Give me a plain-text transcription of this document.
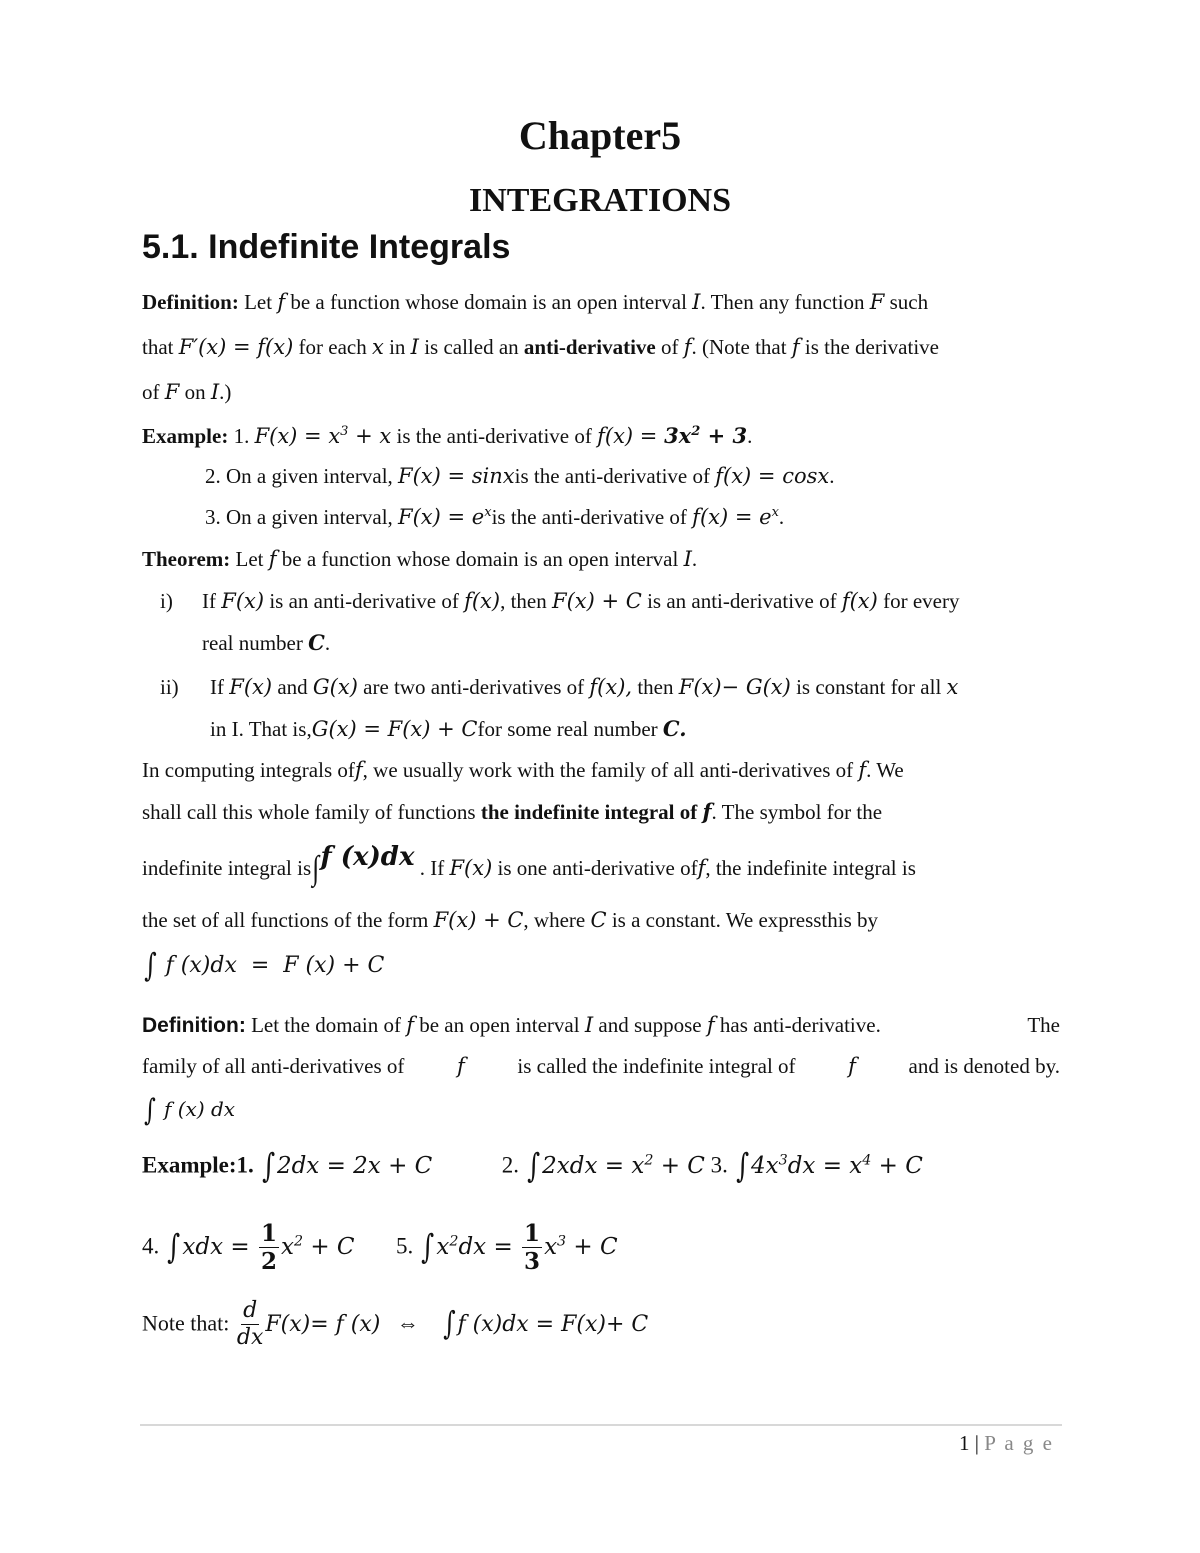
Chapter5
INTEGRATIONS
5.1. Indefinite Integrals
Definition: Let f be a function whose domain is an open interval I. Then any function F such
that F′(x) = f(x) for each x in I is called an anti-derivative of f. (Note that f is the derivative
of F on I.)
Example: 1. $F(x) = x^3 + x$ is the anti-derivative of $f(x) = 3x^2 + 3$.
2. On a given interval, F(x) = sinxis the anti-derivative of f(x) = cosx.
3. On a given interval, $F(x) = e^xis$ the anti-derivative of $f(x) = e^x$.
Theorem: Let f be a function whose domain is an open interval I.
i) If F(x) is an anti-derivative of f(x), then F(x) + C is an anti-derivative of f(x) for every
real number C.
ii) If F(x) and G(x) are two anti-derivatives of f(x), then F(x)− G(x) is constant for all x
in I. That is,G(x) = F(x) + Cfor some real number C.
In computing integrals off, we usually work with the family of all anti-derivatives of f. We
shall call this whole family of functions the indefinite integral of f. The symbol for the
indefinite integral is∫f (x)dx . If F(x) is one anti-derivative off, the indefinite integral is
the set of all functions of the form F(x) + C, where C is a constant. We expressthis by
∫ f (x)dx  =  F (x) + C
Definition: Let the domain of f be an open interval I and suppose f has anti-derivative.	The
family of all anti-derivatives of	f	is called the indefinite integral of	f	and is denoted by.
∫ f (x) dx
Example:1. ∫2dx = 2x + C	2. $\int 2xdx = x^2 + C$ 3. $\int 4x^3dx = x^4 + C$
4. $\int xdx = \frac{1}{2} x^2 + C$ 5. $\int x^2dx = \frac{1}{3} x^3 + C$
Note that: $\frac{d}{dx} F(x)= f$ (x) ⇔ ∫f (x)dx = F(x)+ C
1 | P a g e
